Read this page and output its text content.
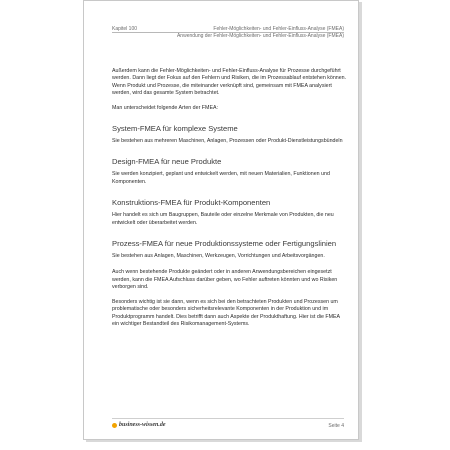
Kapitel 100	Fehler-Möglichkeiten- und Fehler-Einfluss-Analyse (FMEA)
Anwendung der Fehler-Möglichkeiten- und Fehler-Einfluss-Analyse (FMEA)

Außerdem kann die Fehler-Möglichkeiten- und Fehler-Einfluss-Analyse für Prozesse durchgeführt werden. Dann liegt der Fokus auf den Fehlern und Risiken, die im Prozessablauf entstehen können. Wenn Produkt und Prozesse, die miteinander verknüpft sind, gemeinsam mit FMEA analysiert werden, wird das gesamte System betrachtet.

Man unterscheidet folgende Arten der FMEA:

System-FMEA für komplexe Systeme

Sie bestehen aus mehreren Maschinen, Anlagen, Prozessen oder Produkt-Dienstleistungsbündeln

Design-FMEA für neue Produkte

Sie werden konzipiert, geplant und entwickelt werden, mit neuen Materialien, Funktionen und Komponenten.

Konstruktions-FMEA für Produkt-Komponenten

Hier handelt es sich um Baugruppen, Bauteile oder einzelne Merkmale von Produkten, die neu entwickelt oder überarbeitet werden.

Prozess-FMEA für neue Produktionssysteme oder Fertigungslinien

Sie bestehen aus Anlagen, Maschinen, Werkzeugen, Vorrichtungen und Arbeitsvorgängen.

Auch wenn bestehende Produkte geändert oder in anderen Anwendungsbereichen eingesetzt werden, kann die FMEA Aufschluss darüber geben, wo Fehler auftreten könnten und wo Risiken verborgen sind.

Besonders wichtig ist sie dann, wenn es sich bei den betrachteten Produkten und Prozessen um problematische oder besonders sicherheitsrelevante Komponenten in der Produktion und im Produktprogramm handelt. Dies betrifft dann auch Aspekte der Produkthaftung. Hier ist die FMEA ein wichtiger Bestandteil des Risikomanagement-Systems.

business-wissen.de	Seite 4
